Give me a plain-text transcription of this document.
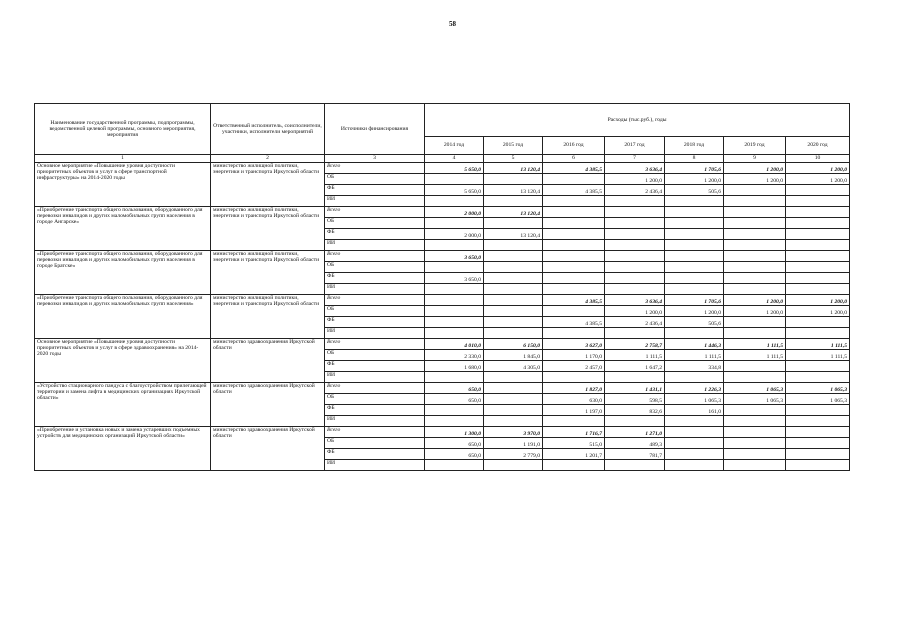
58
Наименование государственной программы, подпрограммы, ведомственной целевой программы, основного мероприятия, мероприятия	Ответственный исполнитель, соисполнители, участники, исполнители мероприятий	Источники финансирования	Расходы (тыс.руб.), годы						
			2014 год	2015 год	2016 год	2017 год	2018 год	2019 год	2020 год
1	2	3	4	5	6	7	8	9	10
Основное мероприятие «Повышение уровня доступности приоритетных объектов и услуг в сфере транспортной инфраструктуры» на 2014-2020 годы	министерство жилищной политики, энергетики и транспорта Иркутской области	Всего	5 650,0	13 120,4	4 385,5	3 636,4	1 705,6	1 200,0	1 200,0
		ОБ				1 200,0	1 200,0	1 200,0	1 200,0
		ФБ	5 650,0	13 120,4	4 385,5	2 436,4	505,6		
		ИИ							
«Приобретение транспорта общего пользования, оборудованного для перевозки инвалидов и других маломобильных групп населения в городе Ангарске»	министерство жилищной политики, энергетики и транспорта Иркутской области	Всего	2 000,0	13 120,4					
		ОБ							
		ФБ	2 000,0	13 120,4					
		ИИ							
«Приобретение транспорта общего пользования, оборудованного для перевозки инвалидов и других маломобильных групп населения в городе Братске»	министерство жилищной политики, энергетики и транспорта Иркутской области	Всего	3 650,0						
		ОБ							
		ФБ	3 650,0						
		ИИ							
«Приобретение транспорта общего пользования, оборудованного для перевозки инвалидов и других маломобильных групп населения»	министерство жилищной политики, энергетики и транспорта Иркутской области	Всего			4 385,5	3 636,4	1 705,6	1 200,0	1 200,0
		ОБ				1 200,0	1 200,0	1 200,0	1 200,0
		ФБ			4 385,5	2 436,4	505,6		
		ИИ							
Основное мероприятие «Повышение уровня доступности приоритетных объектов и услуг в сфере здравоохранения» на 2014-2020 годы	министерство здравоохранения Иркутской области	Всего	4 010,0	6 150,0	3 627,0	2 758,7	1 446,3	1 111,5	1 111,5
		ОБ	2 330,0	1 845,0	1 170,0	1 111,5	1 111,5	1 111,5	1 111,5
		ФБ	1 680,0	4 305,0	2 457,0	1 647,2	334,8		
		ИИ							
«Устройство стационарного пандуса с благоустройством прилегающей территории и замена лифта в медицинских организациях Иркутской области»	министерство здравоохранения Иркутской области	Всего	650,0		1 827,0	1 431,1	1 226,3	1 065,3	1 065,3
		ОБ	650,0		630,0	598,5	1 065,3	1 065,3	1 065,3
		ФБ			1 197,0	832,6	161,0		
		ИИ							
«Приобретение и установка новых и замена устаревших подъемных устройств для медицинских организаций Иркутской области»	министерство здравоохранения Иркутской области	Всего	1 300,0	3 970,0	1 716,7	1 271,0			
		ОБ	650,0	1 191,0	515,0	489,3			
		ФБ	650,0	2 779,0	1 201,7	781,7			
		ИИ							
